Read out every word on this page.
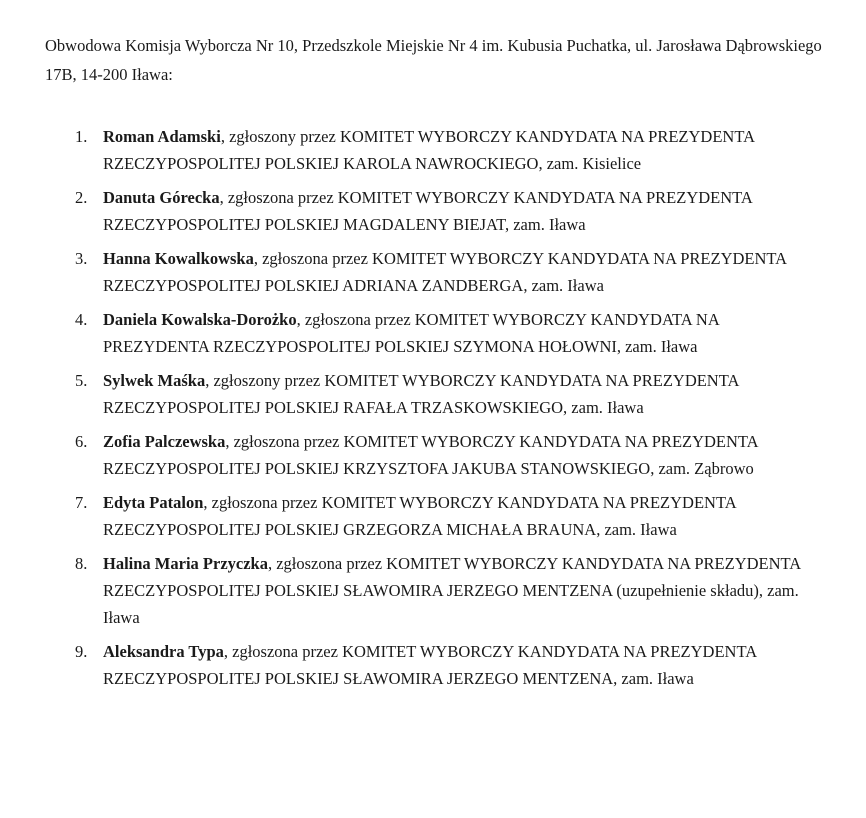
Obwodowa Komisja Wyborcza Nr 10, Przedszkole Miejskie Nr 4 im. Kubusia Puchatka, ul. Jarosława Dąbrowskiego 17B, 14-200 Iława:
1. Roman Adamski, zgłoszony przez KOMITET WYBORCZY KANDYDATA NA PREZYDENTA RZECZYPOSPOLITEJ POLSKIEJ KAROLA NAWROCKIEGO, zam. Kisielice
2. Danuta Górecka, zgłoszona przez KOMITET WYBORCZY KANDYDATA NA PREZYDENTA RZECZYPOSPOLITEJ POLSKIEJ MAGDALENY BIEJAT, zam. Iława
3. Hanna Kowalkowska, zgłoszona przez KOMITET WYBORCZY KANDYDATA NA PREZYDENTA RZECZYPOSPOLITEJ POLSKIEJ ADRIANA ZANDBERGA, zam. Iława
4. Daniela Kowalska-Dorożko, zgłoszona przez KOMITET WYBORCZY KANDYDATA NA PREZYDENTA RZECZYPOSPOLITEJ POLSKIEJ SZYMONA HOŁOWNI, zam. Iława
5. Sylwek Maśka, zgłoszony przez KOMITET WYBORCZY KANDYDATA NA PREZYDENTA RZECZYPOSPOLITEJ POLSKIEJ RAFAŁA TRZASKOWSKIEGO, zam. Iława
6. Zofia Palczewska, zgłoszona przez KOMITET WYBORCZY KANDYDATA NA PREZYDENTA RZECZYPOSPOLITEJ POLSKIEJ KRZYSZTOFA JAKUBA STANOWSKIEGO, zam. Ząbrowo
7. Edyta Patalon, zgłoszona przez KOMITET WYBORCZY KANDYDATA NA PREZYDENTA RZECZYPOSPOLITEJ POLSKIEJ GRZEGORZA MICHAŁA BRAUNA, zam. Iława
8. Halina Maria Przyczka, zgłoszona przez KOMITET WYBORCZY KANDYDATA NA PREZYDENTA RZECZYPOSPOLITEJ POLSKIEJ SŁAWOMIRA JERZEGO MENTZENA (uzupełnienie składu), zam. Iława
9. Aleksandra Typa, zgłoszona przez KOMITET WYBORCZY KANDYDATA NA PREZYDENTA RZECZYPOSPOLITEJ POLSKIEJ SŁAWOMIRA JERZEGO MENTZENA, zam. Iława
